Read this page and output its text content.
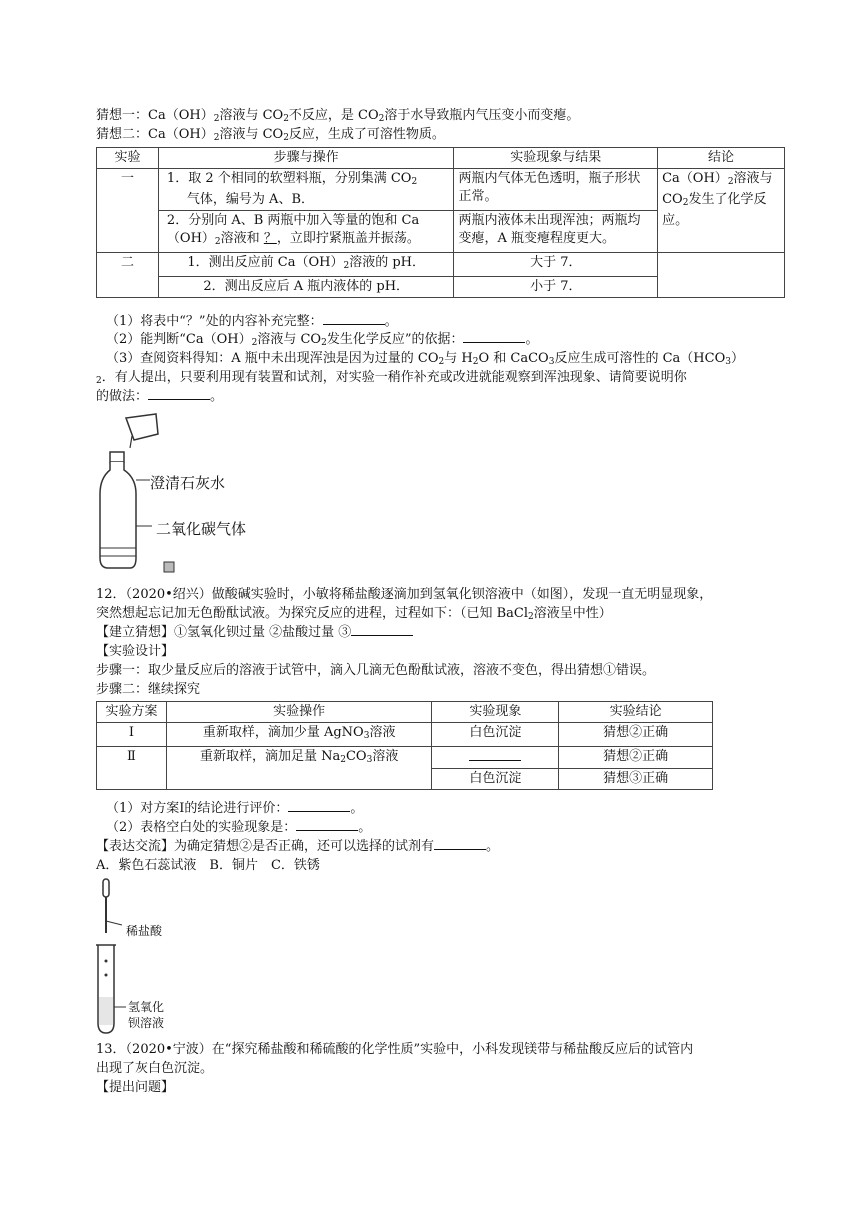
猜想一：$Ca(OH)_2$溶液与 $CO_2$不反应，是 $CO_2$溶于水导致瓶内气压变小而变瘪。
猜想二：$Ca(OH)_2$溶液与 $CO_2$反应，生成了可溶性物质。
实验	步骤与操作	实验现象与结果	结论
一	1．取 2 个相同的软塑料瓶，分别集满 $CO_2$
气体，编号为 A、B．	两瓶内气体无色透明，瓶子形状正常。	$Ca(OH)_2$溶液与 $CO_2$发生了化学反应。
	2．分别向 A、B 两瓶中加入等量的饱和 $Ca(OH)_2$溶液和 ？，立即拧紧瓶盖并振荡。	两瓶内液体未出现浑浊；两瓶均变瘪，A 瓶变瘪程度更大。	
二	1．测出反应前 $Ca(OH)_2$溶液的 pH．	大于 7．	
	2．测出反应后 A 瓶内液体的 pH．	小于 7．	
（1）将表中“？”处的内容补充完整：	。
（2）能判断“$Ca(OH)_2$溶液与 $CO_2$发生化学反应”的依据：	。
（3）查阅资料得知：A 瓶中未出现浑浊是因为过量的 $CO_2$与 $H_2O$ 和 CaCO$_3$反应生成可溶性的 $Ca(HCO_3)$
$_2$．有人提出，只要利用现有装置和试剂，对实验一稍作补充或改进就能观察到浑浊现象、请简要说明你
的做法：	。
澄清石灰水
二氧化碳气体
12．（2020•绍兴）做酸碱实验时，小敏将稀盐酸逐滴加到氢氧化钡溶液中（如图），发现一直无明显现象，
突然想起忘记加无色酚酞试液。为探究反应的进程，过程如下：（已知 BaCl$_2$溶液呈中性）
【建立猜想】①氢氧化钡过量 ②盐酸过量 ③
【实验设计】
步骤一：取少量反应后的溶液于试管中，滴入几滴无色酚酞试液，溶液不变色，得出猜想①错误。
步骤二：继续探究
实验方案	实验操作	实验现象	实验结论
Ⅰ	重新取样，滴加少量 AgNO$_3$溶液	白色沉淀	猜想②正确
Ⅱ	重新取样，滴加足量 $Na_2CO_3$溶液		猜想②正确
		白色沉淀	猜想③正确
（1）对方案Ⅰ的结论进行评价：	。
（2）表格空白处的实验现象是：	。
【表达交流】为确定猜想②是否正确，还可以选择的试剂有	。
A．紫色石蕊试液　B．铜片　C．铁锈
稀盐酸
氢氧化
钡溶液
13．（2020•宁波）在“探究稀盐酸和稀硫酸的化学性质”实验中，小科发现镁带与稀盐酸反应后的试管内
出现了灰白色沉淀。
【提出问题】
